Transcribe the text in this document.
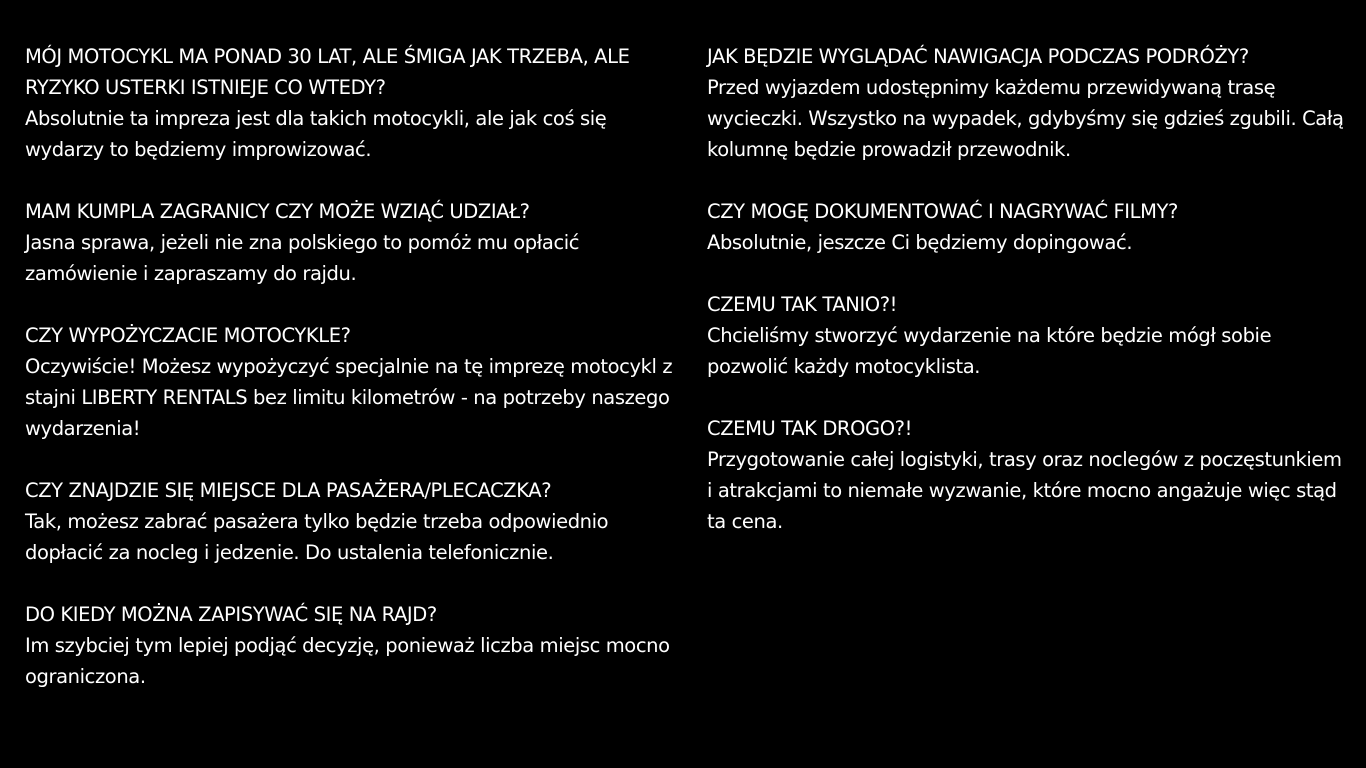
MÓJ MOTOCYKL MA PONAD 30 LAT, ALE ŚMIGA JAK TRZEBA, ALE RYZYKO USTERKI ISTNIEJE CO WTEDY?

Absolutnie ta impreza jest dla takich motocykli, ale jak coś się wydarzy to będziemy improwizować.

MAM KUMPLA ZAGRANICY CZY MOŻE WZIĄĆ UDZIAŁ?

Jasna sprawa, jeżeli nie zna polskiego to pomóż mu opłacić zamówienie i zapraszamy do rajdu.

CZY WYPOŻYCZACIE MOTOCYKLE?

Oczywiście! Możesz wypożyczyć specjalnie na tę imprezę motocykl z stajni LIBERTY RENTALS bez limitu kilometrów - na potrzeby naszego wydarzenia!

CZY ZNAJDZIE SIĘ MIEJSCE DLA PASAŻERA/PLECACZKA?

Tak, możesz zabrać pasażera tylko będzie trzeba odpowiednio dopłacić za nocleg i jedzenie. Do ustalenia telefonicznie.

DO KIEDY MOŻNA ZAPISYWAĆ SIĘ NA RAJD?

Im szybciej tym lepiej podjąć decyzję, ponieważ liczba miejsc mocno ograniczona.

JAK BĘDZIE WYGLĄDAĆ NAWIGACJA PODCZAS PODRÓŻY?

Przed wyjazdem udostępnimy każdemu przewidywaną trasę wycieczki. Wszystko na wypadek, gdybyśmy się gdzieś zgubili. Całą kolumnę będzie prowadził przewodnik.

CZY MOGĘ DOKUMENTOWAĆ I NAGRYWAĆ FILMY?

Absolutnie, jeszcze Ci będziemy dopingować.

CZEMU TAK TANIO?!

Chcieliśmy stworzyć wydarzenie na które będzie mógł sobie pozwolić każdy motocyklista.

CZEMU TAK DROGO?!

Przygotowanie całej logistyki, trasy oraz noclegów z poczęstunkiem i atrakcjami to niemałe wyzwanie, które mocno angażuje więc stąd ta cena.
